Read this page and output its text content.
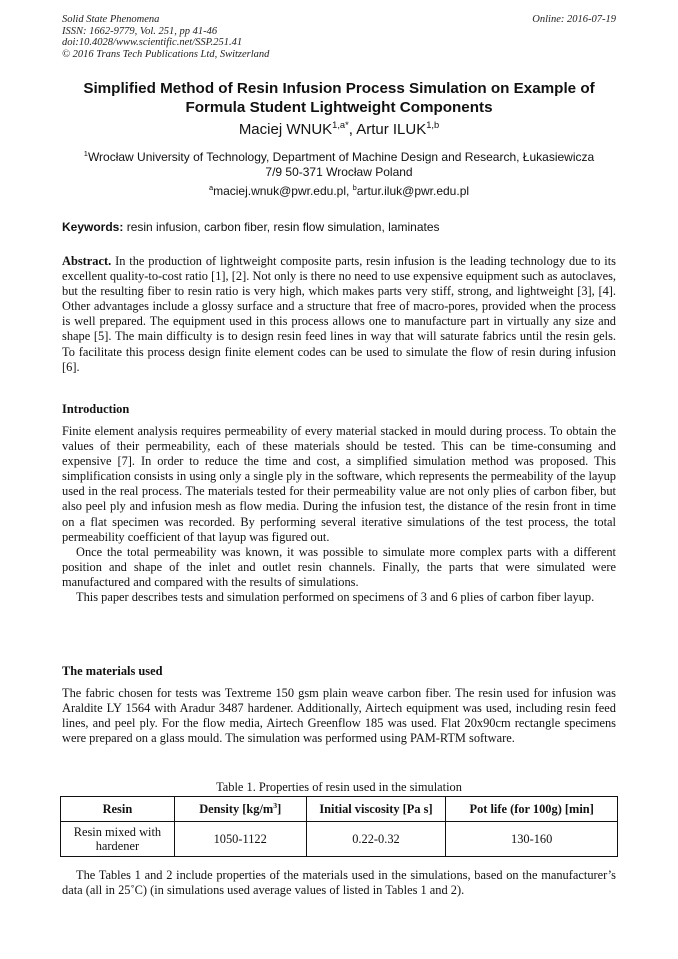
Solid State Phenomena
ISSN: 1662-9779, Vol. 251, pp 41-46
doi:10.4028/www.scientific.net/SSP.251.41
© 2016 Trans Tech Publications Ltd, Switzerland
Online: 2016-07-19
Simplified Method of Resin Infusion Process Simulation on Example of
Formula Student Lightweight Components
Maciej $WNUK^{1,a*}$, Artur ILUK$^{1,b}$
$^1$Wrocław University of Technology, Department of Machine Design and Research, Łukasiewicza
7/9 50-371 Wrocław Poland
$^a$maciej.wnuk@pwr.edu.pl, $^b$artur.iluk@pwr.edu.pl
Keywords: resin infusion, carbon fiber, resin flow simulation, laminates

Abstract. In the production of lightweight composite parts, resin infusion is the leading technology due to its excellent quality-to-cost ratio [1], [2]. Not only is there no need to use expensive equipment such as autoclaves, but the resulting fiber to resin ratio is very high, which makes parts very stiff, strong, and lightweight [3], [4]. Other advantages include a glossy surface and a structure that free of macro-pores, provided when the process is well prepared. The equipment used in this process allows one to manufacture part in virtually any size and shape [5]. The main difficulty is to design resin feed lines in way that will saturate fabrics until the resin gels. To facilitate this process design finite element codes can be used to simulate the flow of resin during infusion [6].

Introduction

Finite element analysis requires permeability of every material stacked in mould during process. To obtain the values of their permeability, each of these materials should be tested. This can be time-consuming and expensive [7]. In order to reduce the time and cost, a simplified simulation method was proposed. This simplification consists in using only a single ply in the software, which represents the permeability of the layup used in the real process. The materials tested for their permeability value are not only plies of carbon fiber, but also peel ply and infusion mesh as flow media. During the infusion test, the distance of the resin front in time on a flat specimen was recorded. By performing several iterative simulations of the test process, the total permeability coefficient of that layup was figured out.

Once the total permeability was known, it was possible to simulate more complex parts with a different position and shape of the inlet and outlet resin channels. Finally, the parts that were simulated were manufactured and compared with the results of simulations.

This paper describes tests and simulation performed on specimens of 3 and 6 plies of carbon fiber layup.

The materials used

The fabric chosen for tests was Textreme 150 gsm plain weave carbon fiber. The resin used for infusion was Araldite LY 1564 with Aradur 3487 hardener. Additionally, Airtech equipment was used, including resin feed lines, and peel ply. For the flow media, Airtech Greenflow 185 was used. Flat 20x90cm rectangle specimens were prepared on a glass mould. The simulation was performed using PAM-RTM software.

Table 1. Properties of resin used in the simulation
Resin	Density $[kg/m^3]$	Initial viscosity [Pa s]	Pot life (for 100g) [min]
Resin mixed with hardener	1050-1122	0.22-0.32	130-160

The Tables 1 and 2 include properties of the materials used in the simulations, based on the manufacturer’s data (all in 25˚C) (in simulations used average values of listed in Tables 1 and 2).
